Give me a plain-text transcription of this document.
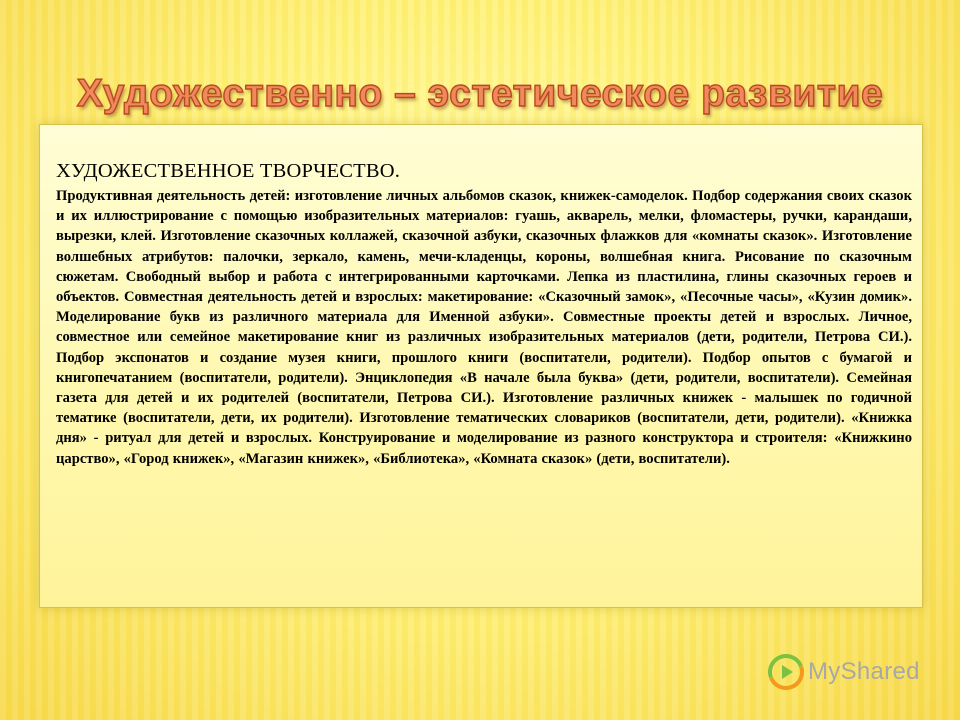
Художественно – эстетическое развитие
ХУДОЖЕСТВЕННОЕ ТВОРЧЕСТВО.

Продуктивная деятельность детей: изготовление личных альбомов сказок, книжек-самоделок. Подбор содержания своих сказок и их иллюстрирование с помощью изобразительных материалов: гуашь, акварель, мелки, фломастеры, ручки, карандаши, вырезки, клей. Изготовление сказочных коллажей, сказочной азбуки, сказочных флажков для «комнаты сказок». Изготовление волшебных атрибутов: палочки, зеркало, камень, мечи-кладенцы, короны, волшебная книга. Рисование по сказочным сюжетам. Свободный выбор и работа с интегрированными карточками. Лепка из пластилина, глины сказочных героев и объектов. Совместная деятельность детей и взрослых: макетирование: «Сказочный замок», «Песочные часы», «Кузин домик». Моделирование букв из различного материала для Именной азбуки». Совместные проекты детей и взрослых. Личное, совместное или семейное макетирование книг из различных изобразительных материалов (дети, родители, Петрова СИ.). Подбор экспонатов и создание музея книги, прошлого книги (воспитатели, родители). Подбор опытов с бумагой и книгопечатанием (воспитатели, родители). Энциклопедия «В начале была буква» (дети, родители, воспитатели). Семейная газета для детей и их родителей (воспитатели, Петрова СИ.). Изготовление различных книжек - малышек по годичной тематике (воспитатели, дети, их родители). Изготовление тематических словариков (воспитатели, дети, родители). «Книжка дня» - ритуал для детей и взрослых. Конструирование и моделирование из разного конструктора и строителя: «Книжкино царство», «Город книжек», «Магазин книжек», «Библиотека», «Комната сказок» (дети, воспитатели).

MyShared
